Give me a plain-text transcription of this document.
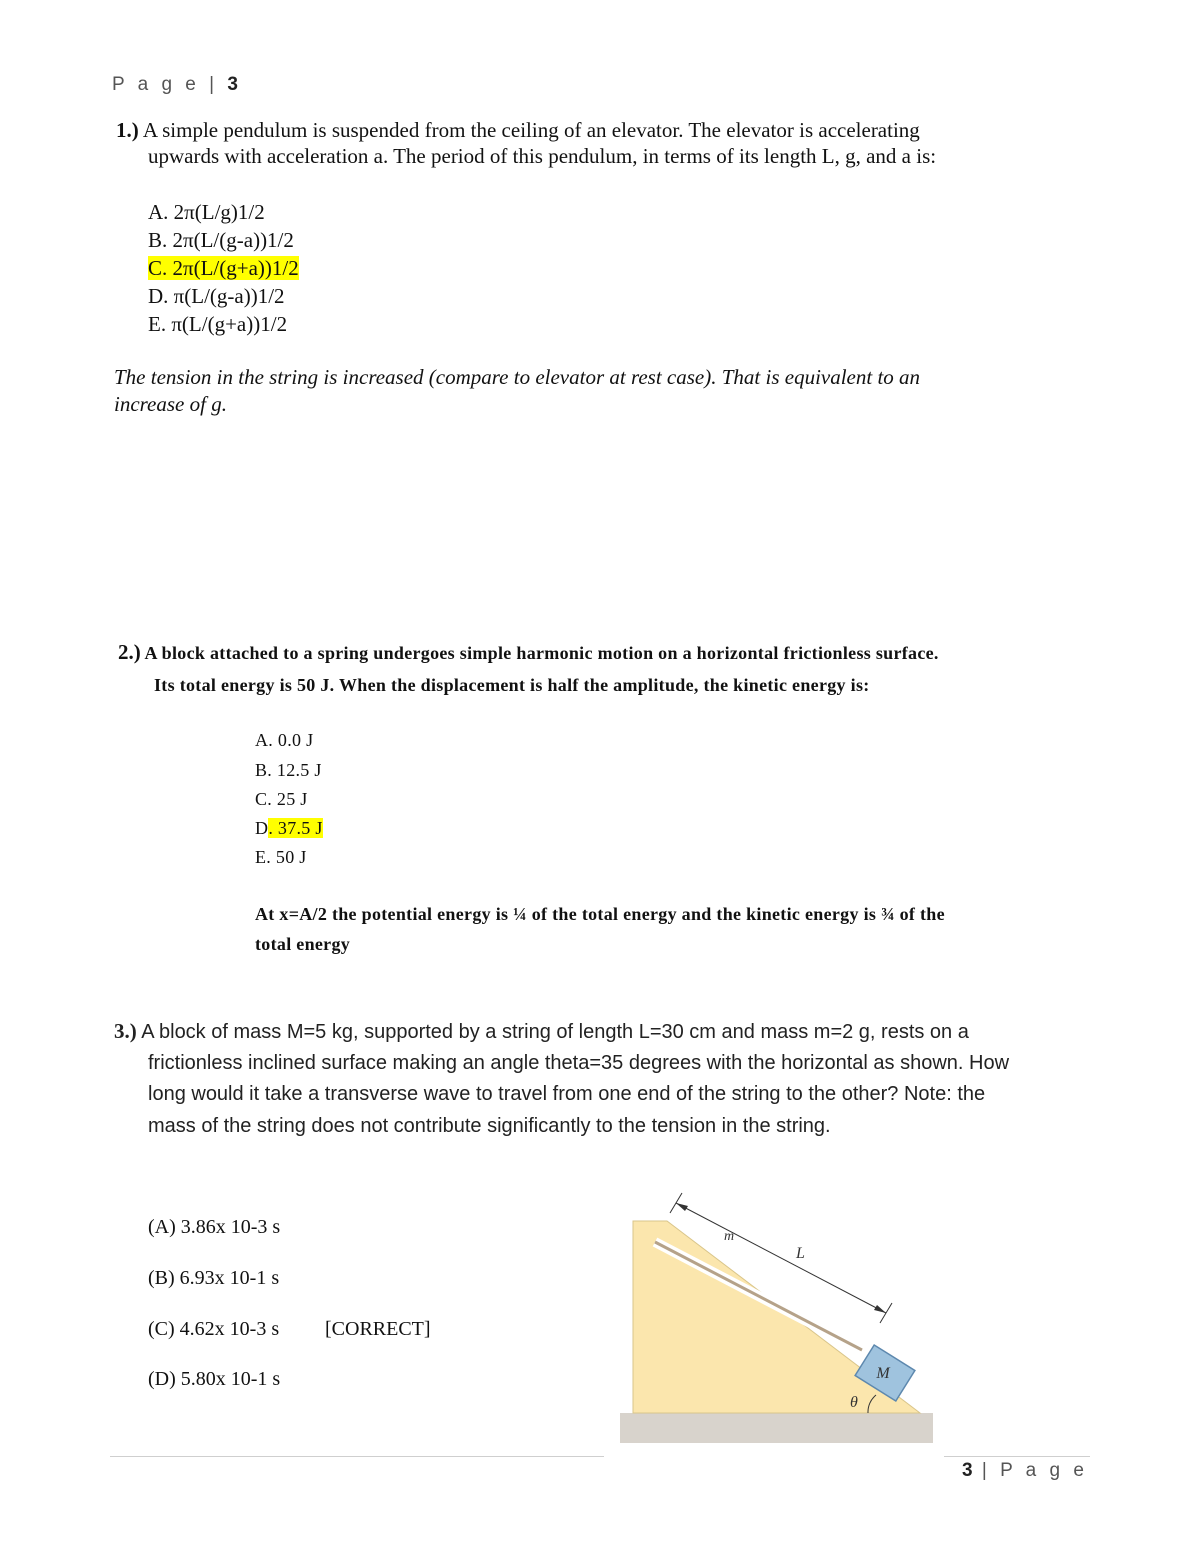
P a g e | 3
1.) A simple pendulum is suspended from the ceiling of an elevator. The elevator is accelerating
upwards with acceleration a. The period of this pendulum, in terms of its length L, g, and a is:
A. 2π(L/g)1/2
B. 2π(L/(g-a))1/2
C. 2π(L/(g+a))1/2
D. π(L/(g-a))1/2
E. π(L/(g+a))1/2
The tension in the string is increased (compare to elevator at rest case). That is equivalent to an
increase of g.
2.) A block attached to a spring undergoes simple harmonic motion on a horizontal frictionless surface.
Its total energy is 50 J. When the displacement is half the amplitude, the kinetic energy is:
A. 0.0 J
B. 12.5 J
C. 25 J
D. 37.5 J
E. 50 J
At x=A/2 the potential energy is ¼ of the total energy and the kinetic energy is ¾ of the
total energy
3.) A block of mass M=5 kg, supported by a string of length L=30 cm and mass m=2 g, rests on a
frictionless inclined surface making an angle theta=35 degrees with the horizontal as shown. How
long would it take a transverse wave to travel from one end of the string to the other? Note: the
mass of the string does not contribute significantly to the tension in the string.
(A) 3.86x 10-3 s
(B) 6.93x 10-1 s
(C) 4.62x 10-3 s [CORRECT]
(D) 5.80x 10-1 s	M
L
m
θ
3 | P a g e
